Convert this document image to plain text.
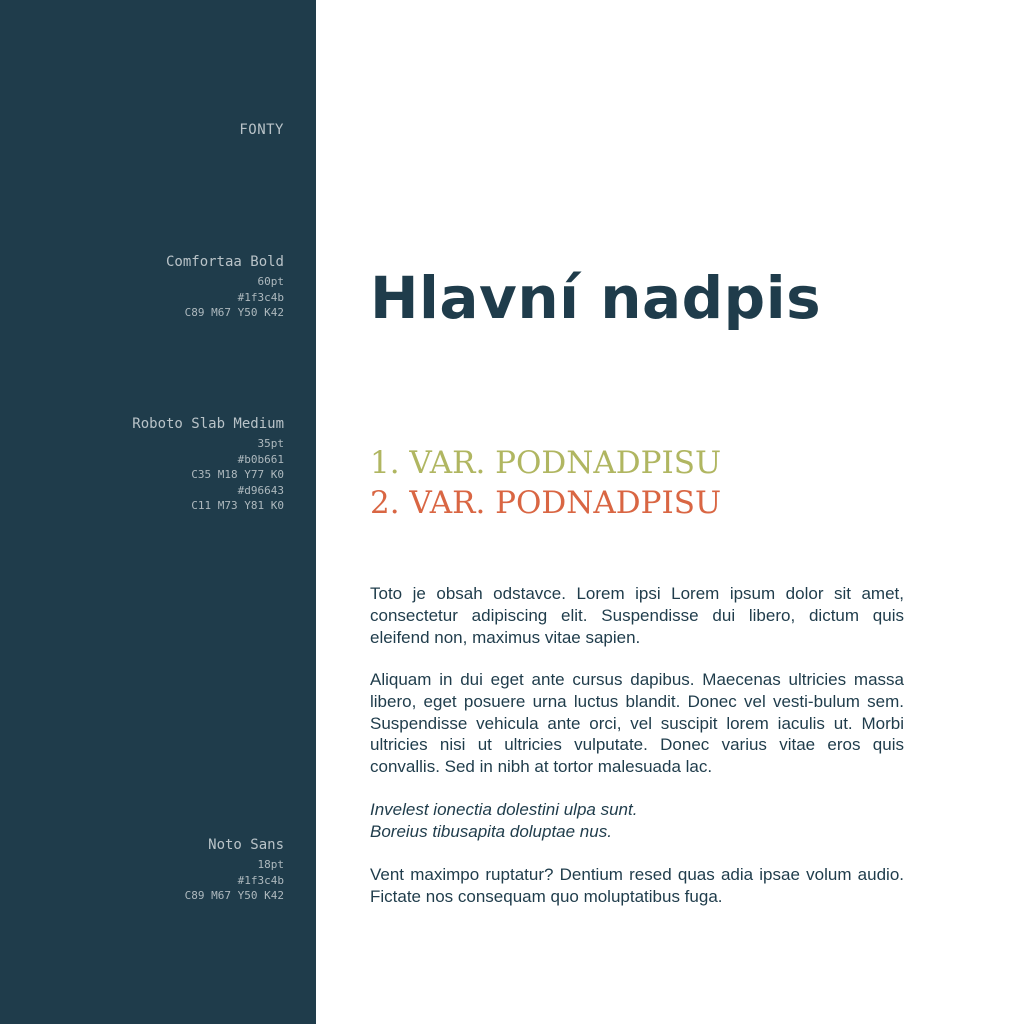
FONTY
Comfortaa Bold
60pt
#1f3c4b
C89 M67 Y50 K42
Roboto Slab Medium
35pt
#b0b661
C35 M18 Y77 K0
#d96643
C11 M73 Y81 K0
Noto Sans
18pt
#1f3c4b
C89 M67 Y50 K42
Hlavní nadpis
1. VAR. PODNADPISU
2. VAR. PODNADPISU

Toto je obsah odstavce. Lorem ipsi Lorem ipsum dolor sit amet, consectetur adipiscing elit. Suspendisse dui libero, dictum quis eleifend non, maximus vitae sapien.

Aliquam in dui eget ante cursus dapibus. Maecenas ultricies massa libero, eget posuere urna luctus blandit. Donec vel vesti-bulum sem. Suspendisse vehicula ante orci, vel suscipit lorem iaculis ut. Morbi ultricies nisi ut ultricies vulputate. Donec varius vitae eros quis convallis. Sed in nibh at tortor malesuada lac.

Invelest ionectia dolestini ulpa sunt.
Boreius tibusapita doluptae nus.

Vent maximpo ruptatur? Dentium resed quas adia ipsae volum audio. Fictate nos consequam quo moluptatibus fuga.
